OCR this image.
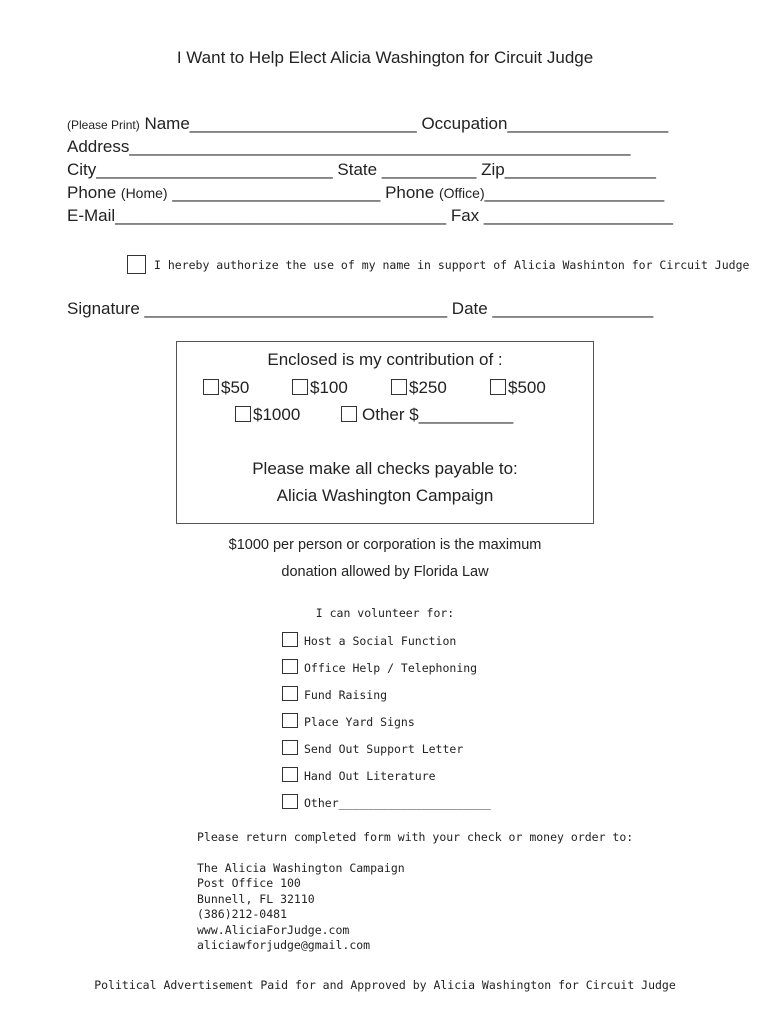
I Want to Help Elect Alicia Washington for Circuit Judge
(Please Print) Name________________________ Occupation_________________
Address_____________________________________________________
City_________________________ State __________ Zip________________
Phone (Home) ______________________ Phone (Office)___________________
E-Mail___________________________________ Fax ____________________
I hereby authorize the use of my name in support of Alicia Washinton for Circuit Judge
Signature ________________________________ Date _________________
Enclosed is my contribution of :
$50	$100	$250	$500
$1000	Other $__________
Please make all checks payable to:
Alicia Washington Campaign
$1000 per person or corporation is the maximum
donation allowed by Florida Law
I can volunteer for:
Host a Social Function
Office Help / Telephoning
Fund Raising
Place Yard Signs
Send Out Support Letter
Hand Out Literature
Other______________________
Please return completed form with your check or money order to:
The Alicia Washington Campaign
Post Office 100
Bunnell, FL 32110
(386)212-0481
www.AliciaForJudge.com
aliciawforjudge@gmail.com
Political Advertisement Paid for and Approved by Alicia Washington for Circuit Judge
